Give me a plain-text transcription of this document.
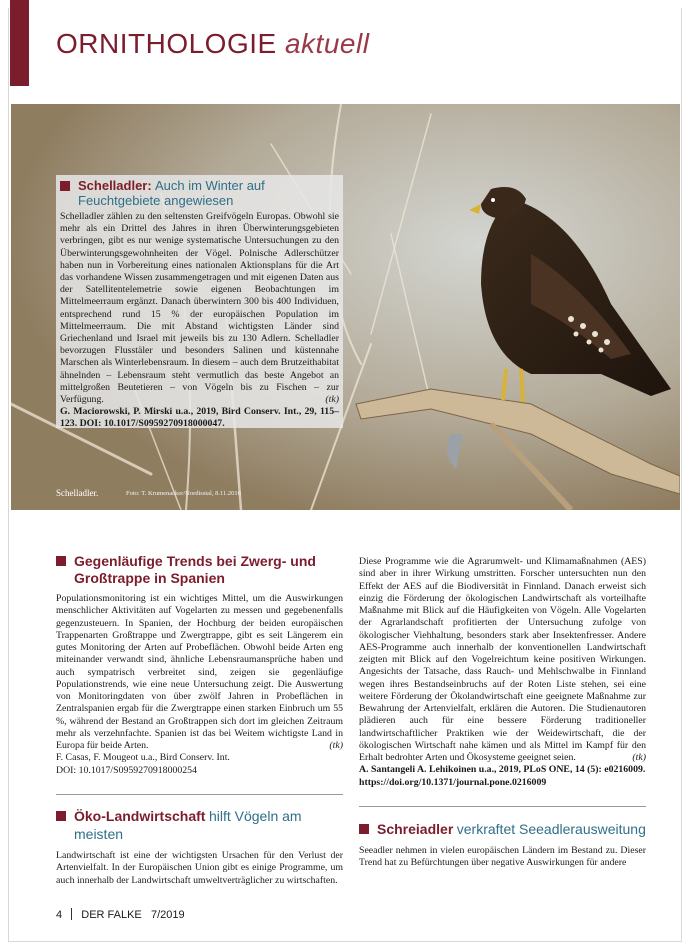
ORNITHOLOGIE aktuell
Schelladler.	Foto: T. Krumenacker/Nordisstal, 8.11.2016
Schelladler: Auch im Winter auf Feuchtgebiete angewiesen

Schelladler zählen zu den seltensten Greifvögeln Europas. Obwohl sie mehr als ein Drittel des Jahres in ihren Überwinterungsgebieten verbringen, gibt es nur wenige systematische Untersuchungen zu den Überwinterungsgewohnheiten der Vögel. Polnische Adlerschützer haben nun in Vorbereitung eines nationalen Aktionsplans für die Art das vorhandene Wissen zusammengetragen und mit eigenen Daten aus der Satellitentelemetrie sowie eigenen Beobachtungen im Mittelmeerraum ergänzt. Danach überwintern 300 bis 400 Individuen, entsprechend rund 15 % der europäischen Population im Mittelmeerraum. Die mit Abstand wichtigsten Länder sind Griechenland und Israel mit jeweils bis zu 130 Adlern. Schelladler bevorzugen Flusstäler und besonders Salinen und küstennahe Marschen als Winterlebensraum. In diesem – auch dem Brutzeithabitat ähnelnden – Lebensraum steht vermutlich das beste Angebot an mittelgroßen Beutetieren – von Vögeln bis zu Fischen – zur Verfügung.	(tk)

G. Maciorowski, P. Mirski u.a., 2019, Bird Conserv. Int., 29, 115–123. DOI: 10.1017/S0959270918000047.

Gegenläufige Trends bei Zwerg- und Großtrappe in Spanien

Populationsmonitoring ist ein wichtiges Mittel, um die Auswirkungen menschlicher Aktivitäten auf Vogelarten zu messen und gegebenenfalls gegenzusteuern. In Spanien, der Hochburg der beiden europäischen Trappenarten Großtrappe und Zwergtrappe, gibt es seit Längerem ein gutes Monitoring der Arten auf Probeflächen. Obwohl beide Arten eng miteinander verwandt sind, ähnliche Lebensraumansprüche haben und auch sympatrisch verbreitet sind, zeigen sie gegenläufige Populationstrends, wie eine neue Untersuchung zeigt. Die Auswertung von Monitoringdaten von über zwölf Jahren in Probeflächen in Zentralspanien ergab für die Zwergtrappe einen starken Einbruch um 55 %, während der Bestand an Großtrappen sich dort im gleichen Zeitraum mehr als verzehnfachte. Spanien ist das bei Weitem wichtigste Land in Europa für beide Arten.	(tk)

F. Casas, F. Mougeot u.a., Bird Conserv. Int.
DOI: 10.1017/S0959270918000254

Öko-Landwirtschaft hilft Vögeln am meisten

Landwirtschaft ist eine der wichtigsten Ursachen für den Verlust der Artenvielfalt. In der Europäischen Union gibt es einige Programme, um auch innerhalb der Landwirtschaft umweltverträglicher zu wirtschaften.

Diese Programme wie die Agrarumwelt- und Klimamaßnahmen (AES) sind aber in ihrer Wirkung umstritten. Forscher untersuchten nun den Effekt der AES auf die Biodiversität in Finnland. Danach erweist sich einzig die Förderung der ökologischen Landwirtschaft als vorteilhafte Maßnahme mit Blick auf die Häufigkeiten von Vögeln. Alle Vogelarten der Agrarlandschaft profitierten der Untersuchung zufolge von ökologischer Viehhaltung, besonders stark aber Insektenfresser. Andere AES-Programme auch innerhalb der konventionellen Landwirtschaft zeigten mit Blick auf den Vogelreichtum keine positiven Wirkungen. Angesichts der Tatsache, dass Rauch- und Mehlschwalbe in Finnland wegen ihres Bestandseinbruchs auf der Roten Liste stehen, sei eine weitere Förderung der Ökolandwirtschaft eine geeignete Maßnahme zur Bewahrung der Artenvielfalt, erklären die Autoren. Die Studienautoren plädieren auch für eine bessere Förderung traditioneller landwirtschaftlicher Praktiken wie der Weidewirtschaft, die der ökologischen Wirtschaft nahe kämen und als Mittel im Kampf für den Erhalt bedrohter Arten und Ökosysteme geeignet seien.	(tk)

A. Santangeli A. Lehikoinen u.a., 2019, PLoS ONE, 14 (5): e0216009.
https://doi.org/10.1371/journal.pone.0216009

Schreiadler verkraftet Seeadlerausweitung

Seeadler nehmen in vielen europäischen Ländern im Bestand zu. Dieser Trend hat zu Befürchtungen über negative Auswirkungen für andere

4 DER FALKE 7/2019
